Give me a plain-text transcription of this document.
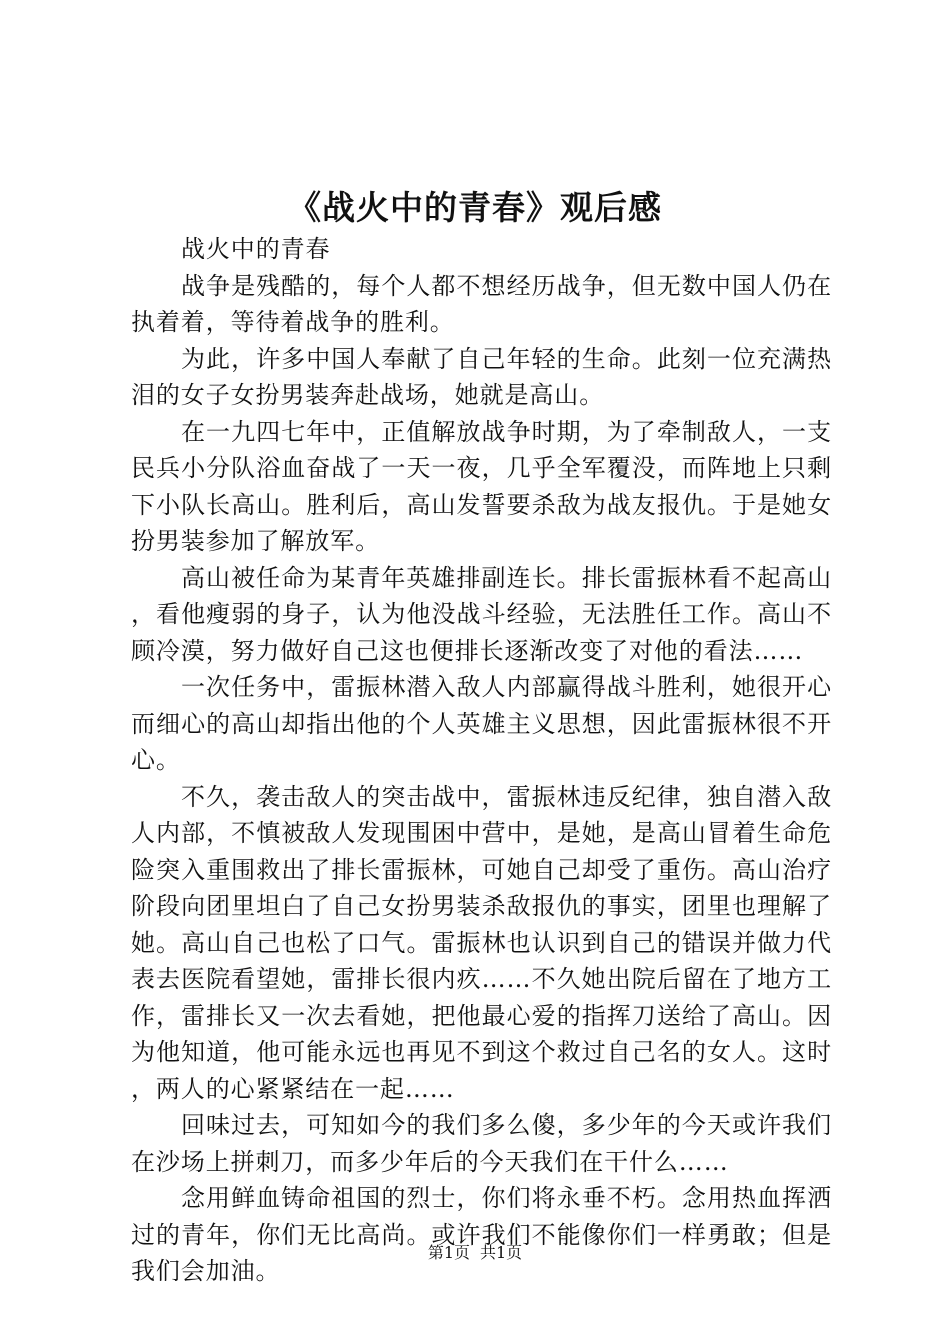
《战火中的青春》观后感

战火中的青春

战争是残酷的，每个人都不想经历战争，但无数中国人仍在执着着，等待着战争的胜利。

为此，许多中国人奉献了自己年轻的生命。此刻一位充满热泪的女子女扮男装奔赴战场，她就是高山。

在一九四七年中，正值解放战争时期，为了牵制敌人，一支民兵小分队浴血奋战了一天一夜，几乎全军覆没，而阵地上只剩下小队长高山。胜利后，高山发誓要杀敌为战友报仇。于是她女扮男装参加了解放军。

高山被任命为某青年英雄排副连长。排长雷振林看不起高山，看他瘦弱的身子，认为他没战斗经验，无法胜任工作。高山不顾冷漠，努力做好自己这也便排长逐渐改变了对他的看法……

一次任务中，雷振林潜入敌人内部赢得战斗胜利，她很开心而细心的高山却指出他的个人英雄主义思想，因此雷振林很不开心。

不久，袭击敌人的突击战中，雷振林违反纪律，独自潜入敌人内部，不慎被敌人发现围困中营中，是她，是高山冒着生命危险突入重围救出了排长雷振林，可她自己却受了重伤。高山治疗阶段向团里坦白了自己女扮男装杀敌报仇的事实，团里也理解了她。高山自己也松了口气。雷振林也认识到自己的错误并做力代表去医院看望她，雷排长很内疚……不久她出院后留在了地方工作，雷排长又一次去看她，把他最心爱的指挥刀送给了高山。因为他知道，他可能永远也再见不到这个救过自己名的女人。这时，两人的心紧紧结在一起……

回味过去，可知如今的我们多么傻，多少年的今天或许我们在沙场上拼刺刀，而多少年后的今天我们在干什么……

念用鲜血铸命祖国的烈士，你们将永垂不朽。念用热血挥洒过的青年，你们无比高尚。或许我们不能像你们一样勇敢；但是我们会加油。

第1页 共1页
